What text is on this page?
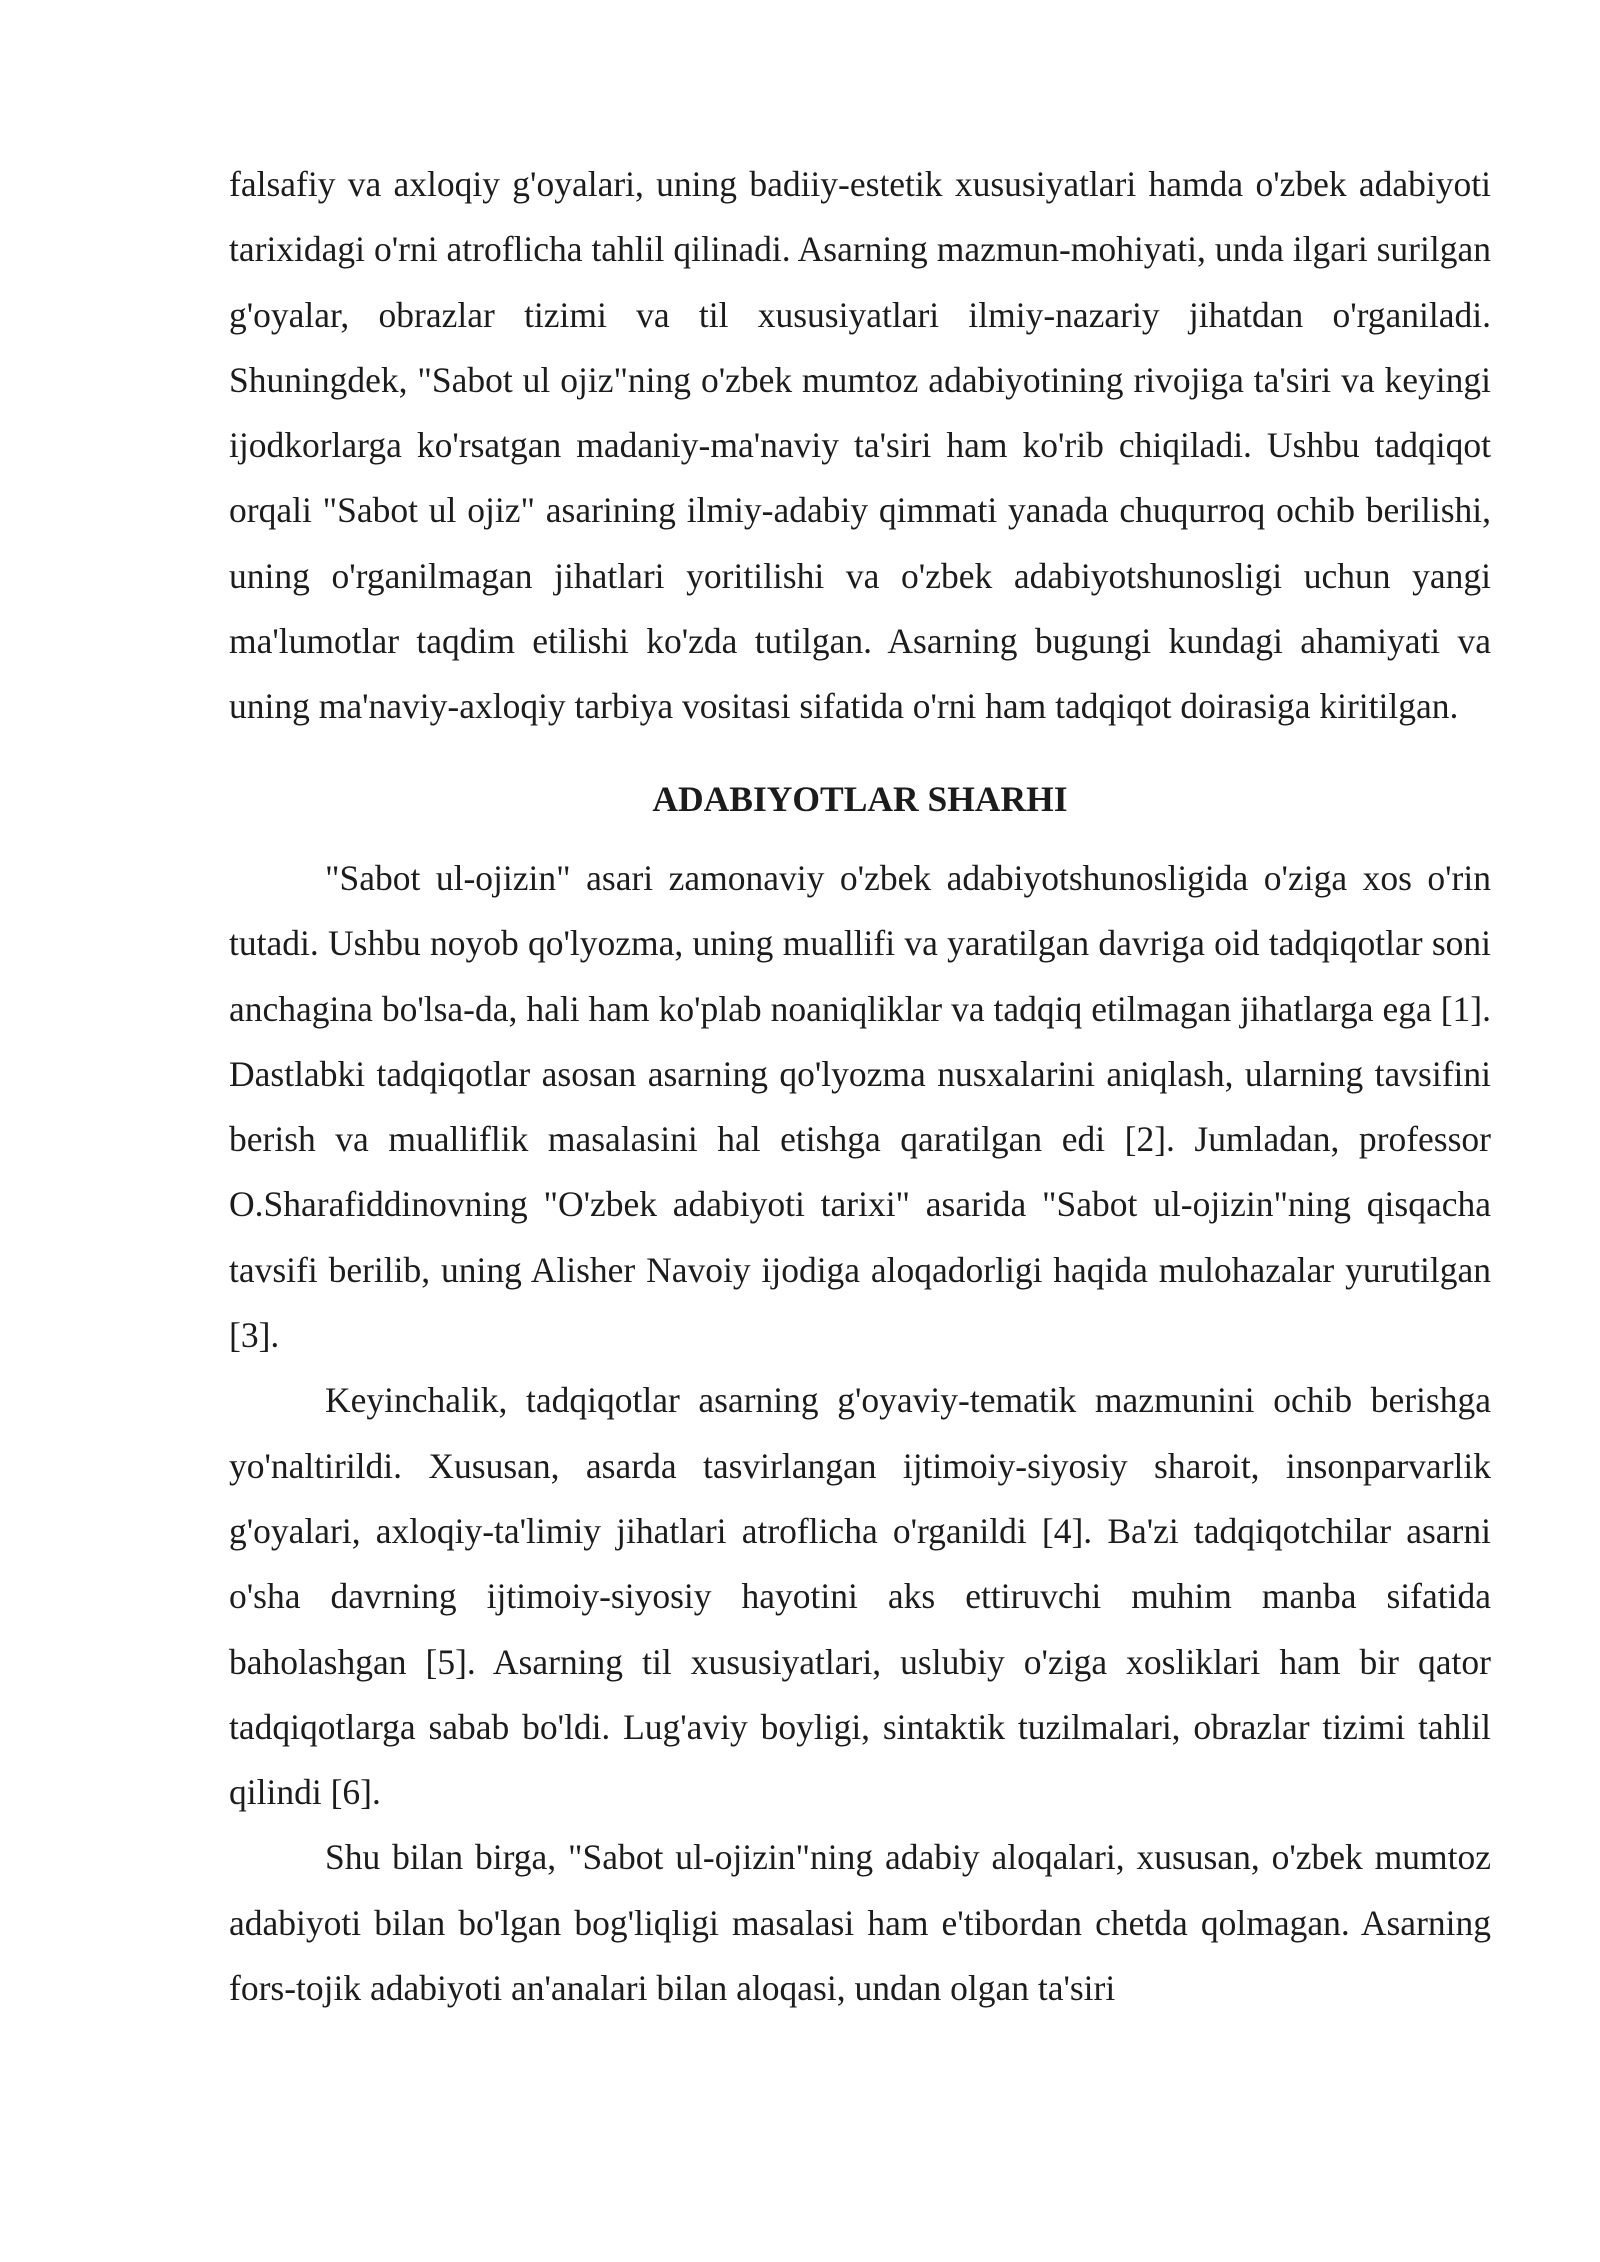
falsafiy va axloqiy g'oyalari, uning badiiy-estetik xususiyatlari hamda o'zbek adabiyoti tarixidagi o'rni atroflicha tahlil qilinadi. Asarning mazmun-mohiyati, unda ilgari surilgan g'oyalar, obrazlar tizimi va til xususiyatlari ilmiy-nazariy jihatdan o'rganiladi. Shuningdek, "Sabot ul ojiz"ning o'zbek mumtoz adabiyotining rivojiga ta'siri va keyingi ijodkorlarga ko'rsatgan madaniy-ma'naviy ta'siri ham ko'rib chiqiladi. Ushbu tadqiqot orqali "Sabot ul ojiz" asarining ilmiy-adabiy qimmati yanada chuqurroq ochib berilishi, uning o'rganilmagan jihatlari yoritilishi va o'zbek adabiyotshunosligi uchun yangi ma'lumotlar taqdim etilishi ko'zda tutilgan. Asarning bugungi kundagi ahamiyati va uning ma'naviy-axloqiy tarbiya vositasi sifatida o'rni ham tadqiqot doirasiga kiritilgan.

ADABIYOTLAR SHARHI

"Sabot ul-ojizin" asari zamonaviy o'zbek adabiyotshunosligida o'ziga xos o'rin tutadi. Ushbu noyob qo'lyozma, uning muallifi va yaratilgan davriga oid tadqiqotlar soni anchagina bo'lsa-da, hali ham ko'plab noaniqliklar va tadqiq etilmagan jihatlarga ega [1]. Dastlabki tadqiqotlar asosan asarning qo'lyozma nusxalarini aniqlash, ularning tavsifini berish va mualliflik masalasini hal etishga qaratilgan edi [2]. Jumladan, professor O.Sharafiddinovning "O'zbek adabiyoti tarixi" asarida "Sabot ul-ojizin"ning qisqacha tavsifi berilib, uning Alisher Navoiy ijodiga aloqadorligi haqida mulohazalar yurutilgan [3].

Keyinchalik, tadqiqotlar asarning g'oyaviy-tematik mazmunini ochib berishga yo'naltirildi. Xususan, asarda tasvirlangan ijtimoiy-siyosiy sharoit, insonparvarlik g'oyalari, axloqiy-ta'limiy jihatlari atroflicha o'rganildi [4]. Ba'zi tadqiqotchilar asarni o'sha davrning ijtimoiy-siyosiy hayotini aks ettiruvchi muhim manba sifatida baholashgan [5]. Asarning til xususiyatlari, uslubiy o'ziga xosliklari ham bir qator tadqiqotlarga sabab bo'ldi. Lug'aviy boyligi, sintaktik tuzilmalari, obrazlar tizimi tahlil qilindi [6].

Shu bilan birga, "Sabot ul-ojizin"ning adabiy aloqalari, xususan, o'zbek mumtoz adabiyoti bilan bo'lgan bog'liqligi masalasi ham e'tibordan chetda qolmagan. Asarning fors-tojik adabiyoti an'analari bilan aloqasi, undan olgan ta'siri
